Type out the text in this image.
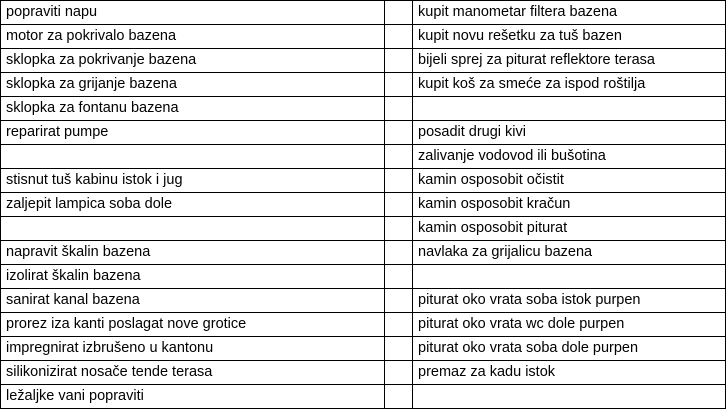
popraviti napu		kupit manometar filtera bazena
motor za pokrivalo bazena		kupit novu rešetku za tuš bazen
sklopka za pokrivanje bazena		bijeli sprej za piturat reflektore terasa
sklopka za grijanje bazena		kupit koš za smeće za ispod roštilja
sklopka za fontanu bazena		
reparirat pumpe		posadit drugi kivi
		zalivanje vodovod ili bušotina
stisnut tuš kabinu istok i jug		kamin osposobit očistit
zaljepit lampica soba dole		kamin osposobit kračun
		kamin osposobit piturat
napravit škalin bazena		navlaka za grijalicu bazena
izolirat škalin bazena		
sanirat kanal bazena		piturat oko vrata soba istok purpen
prorez iza kanti poslagat nove grotice		piturat oko vrata wc dole purpen
impregnirat izbrušeno u kantonu		piturat oko vrata soba dole purpen
silikonizirat nosače tende terasa		premaz za kadu istok
ležaljke vani popraviti		
